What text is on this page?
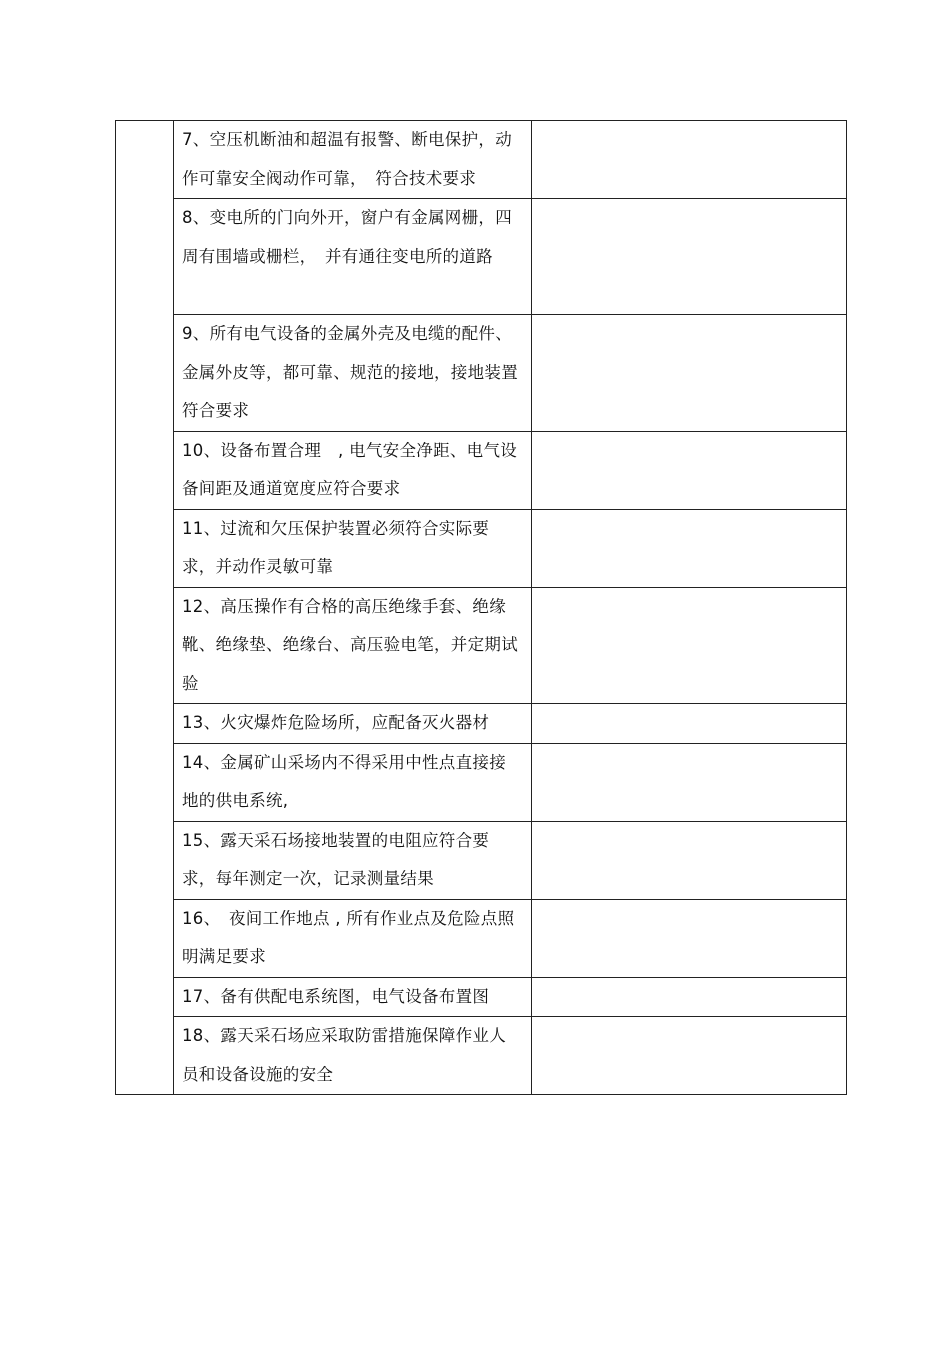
	7、空压机断油和超温有报警、断电保护，动作可靠安全阀动作可靠，　符合技术要求	

	8、变电所的门向外开，窗户有金属网栅，四周有围墙或栅栏，　并有通往变电所的道路	

	9、所有电气设备的金属外壳及电缆的配件、金属外皮等，都可靠、规范的接地，接地装置符合要求	

	10、设备布置合理　, 电气安全净距、电气设备间距及通道宽度应符合要求	

	11、过流和欠压保护装置必须符合实际要求，并动作灵敏可靠	

	12、高压操作有合格的高压绝缘手套、绝缘靴、绝缘垫、绝缘台、高压验电笔，并定期试验	

	13、火灾爆炸危险场所，应配备灭火器材	

	14、金属矿山采场内不得采用中性点直接接地的供电系统,	

	15、露天采石场接地装置的电阻应符合要求，每年测定一次，记录测量结果	

	16、　夜间工作地点 , 所有作业点及危险点照明满足要求	

	17、备有供配电系统图，电气设备布置图	

	18、露天采石场应采取防雷措施保障作业人员和设备设施的安全	
